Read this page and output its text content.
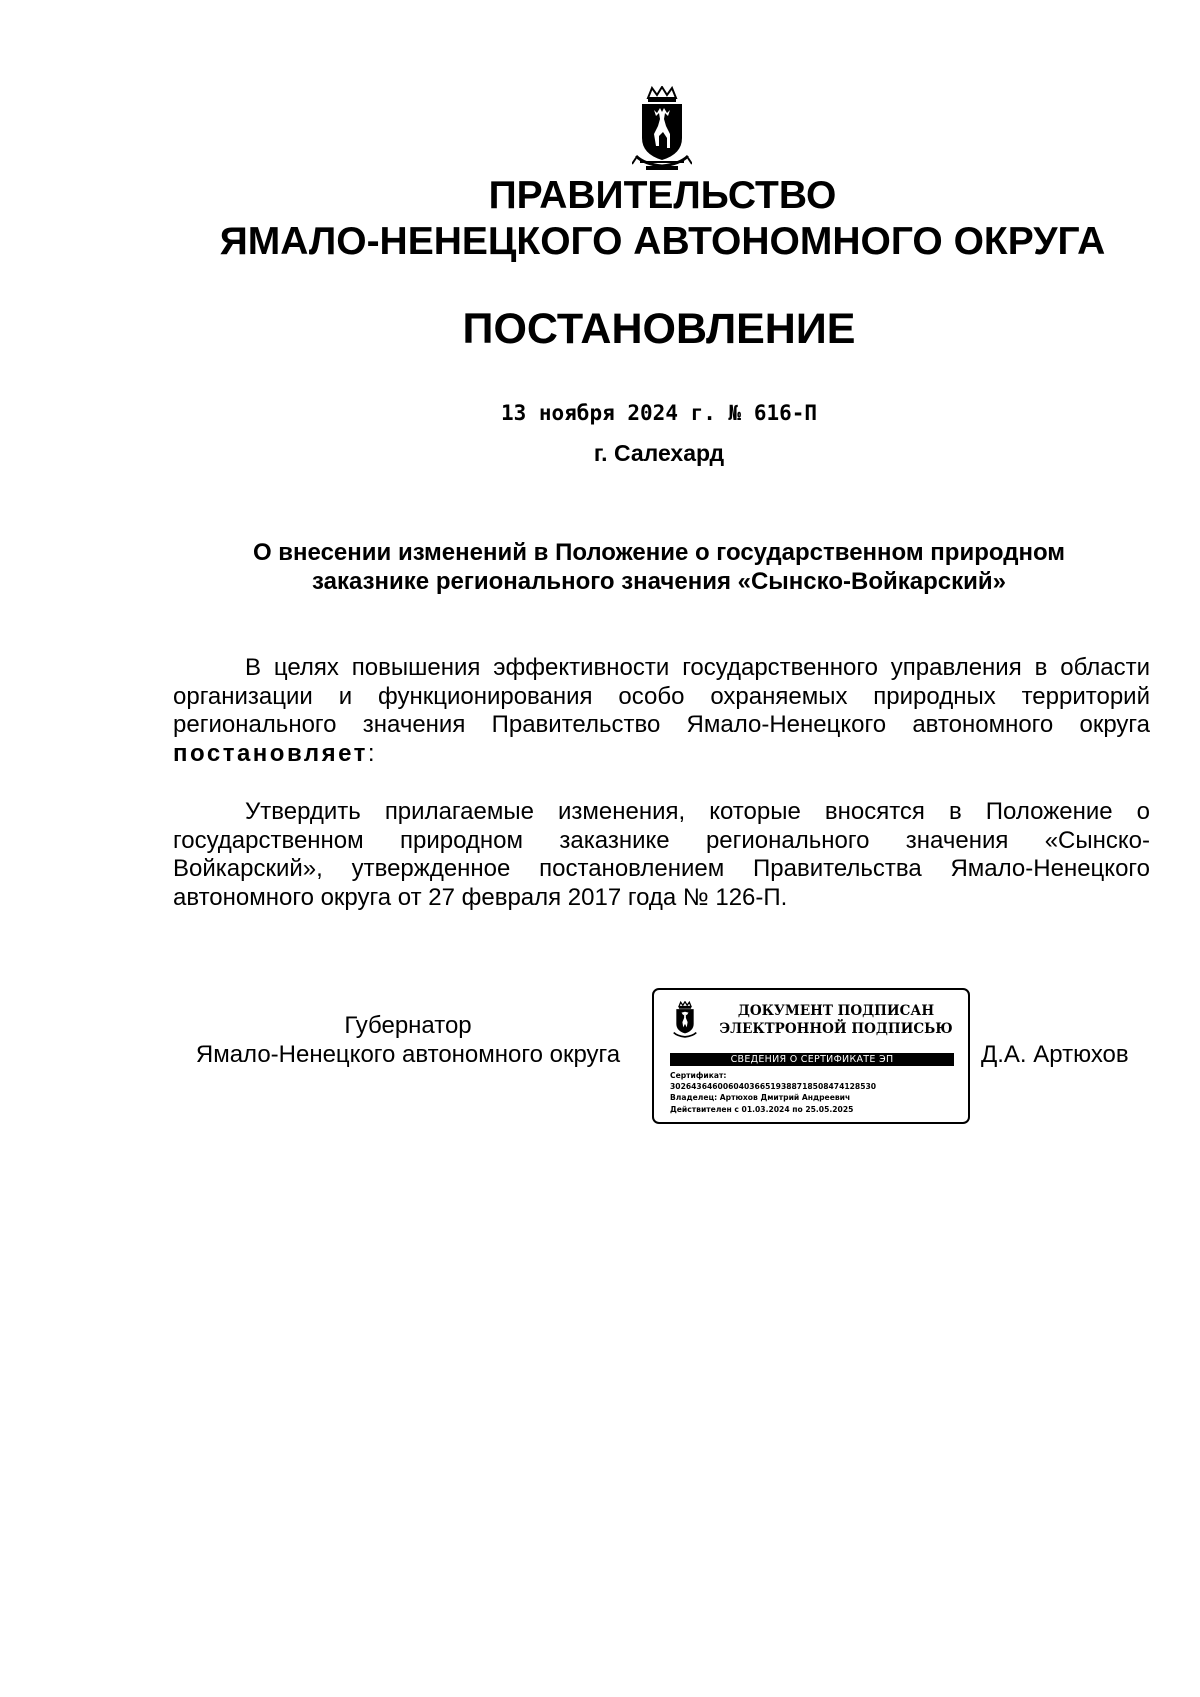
ПРАВИТЕЛЬСТВО
ЯМАЛО-НЕНЕЦКОГО АВТОНОМНОГО ОКРУГА
ПОСТАНОВЛЕНИЕ
13 ноября 2024 г. № 616-П
г. Салехард
О внесении изменений в Положение о государственном природном
заказнике регионального значения «Сынско-Войкарский»

В целях повышения эффективности государственного управления в области организации и функционирования особо охраняемых природных территорий регионального значения Правительство Ямало-Ненецкого автономного округа постановляет:

Утвердить прилагаемые изменения, которые вносятся в Положение о государственном природном заказнике регионального значения «Сынско-Войкарский», утвержденное постановлением Правительства Ямало-Ненецкого автономного округа от 27 февраля 2017 года № 126-П.

Губернатор
Ямало-Ненецкого автономного округа
ДОКУМЕНТ ПОДПИСАН
ЭЛЕКТРОННОЙ ПОДПИСЬЮ
СВЕДЕНИЯ О СЕРТИФИКАТЕ ЭП
Сертификат:
302643646006040366519388718508474128530
Владелец: Артюхов Дмитрий Андреевич
Действителен с 01.03.2024 по 25.05.2025
Д.А. Артюхов
